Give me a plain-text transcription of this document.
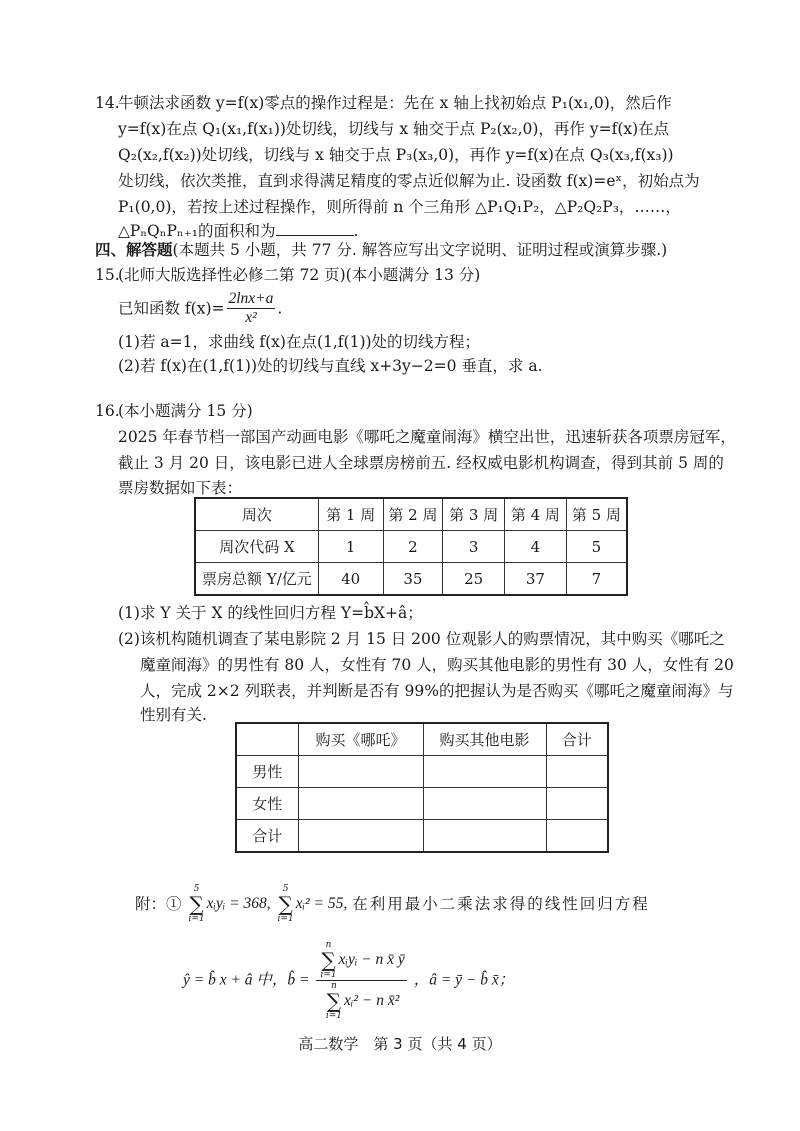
14.
牛顿法求函数 y=f(x)零点的操作过程是：先在 x 轴上找初始点 P₁(x₁,0)，然后作
y=f(x)在点 Q₁(x₁,f(x₁))处切线，切线与 x 轴交于点 P₂(x₂,0)，再作 y=f(x)在点
Q₂(x₂,f(x₂))处切线，切线与 x 轴交于点 P₃(x₃,0)，再作 y=f(x)在点 Q₃(x₃,f(x₃))
处切线，依次类推，直到求得满足精度的零点近似解为止. 设函数 f(x)=eˣ，初始点为
P₁(0,0)，若按上述过程操作，则所得前 n 个三角形 △P₁Q₁P₂，△P₂Q₂P₃，……，
△PₙQₙPₙ₊₁的面积和为	.
四、解答题(本题共 5 小题，共 77 分. 解答应写出文字说明、证明过程或演算步骤.)
15.
(北师大版选择性必修二第 72 页)(本小题满分 13 分)
已知函数 $f(x)= \frac{2\ln x+a}{\text{x²}}$ .
(1)若 a=1，求曲线 f(x)在点(1,f(1))处的切线方程；
(2)若 f(x)在(1,f(1))处的切线与直线 x+3y−2=0 垂直，求 a.
16.
(本小题满分 15 分)
2025 年春节档一部国产动画电影《哪吒之魔童闹海》横空出世，迅速斩获各项票房冠军，
截止 3 月 20 日，该电影已进人全球票房榜前五. 经权威电影机构调查，得到其前 5 周的
票房数据如下表：
周次	第 1 周	第 2 周	第 3 周	第 4 周	第 5 周
周次代码 X	1	2	3	4	5
票房总额 Y/亿元	40	35	25	37	7
(1)求 Y 关于 X 的线性回归方程 Y=b̂X+â；
(2)该机构随机调查了某电影院 2 月 15 日 200 位观影人的购票情况，其中购买《哪吒之
魔童闹海》的男性有 80 人，女性有 70 人，购买其他电影的男性有 30 人，女性有 20
人，完成 2×2 列联表，并判断是否有 99%的把握认为是否购买《哪吒之魔童闹海》与
性别有关.
	购买《哪吒》	购买其他电影	合计
男性			
女性			
合计			
附：①
5
∑
i=1
xᵢyᵢ = 368,
5
∑
i=1
xᵢ² = 55, 在利用最小二乘法求得的线性回归方程
ŷ = b̂ x + â 中，b̂ = n
∑
i=1
xᵢyᵢ − n x̄ ȳ
n
∑
i=1
xᵢ² − n x̄² ，â = ȳ − b̂ x̄；
高二数学　第 3 页（共 4 页）
